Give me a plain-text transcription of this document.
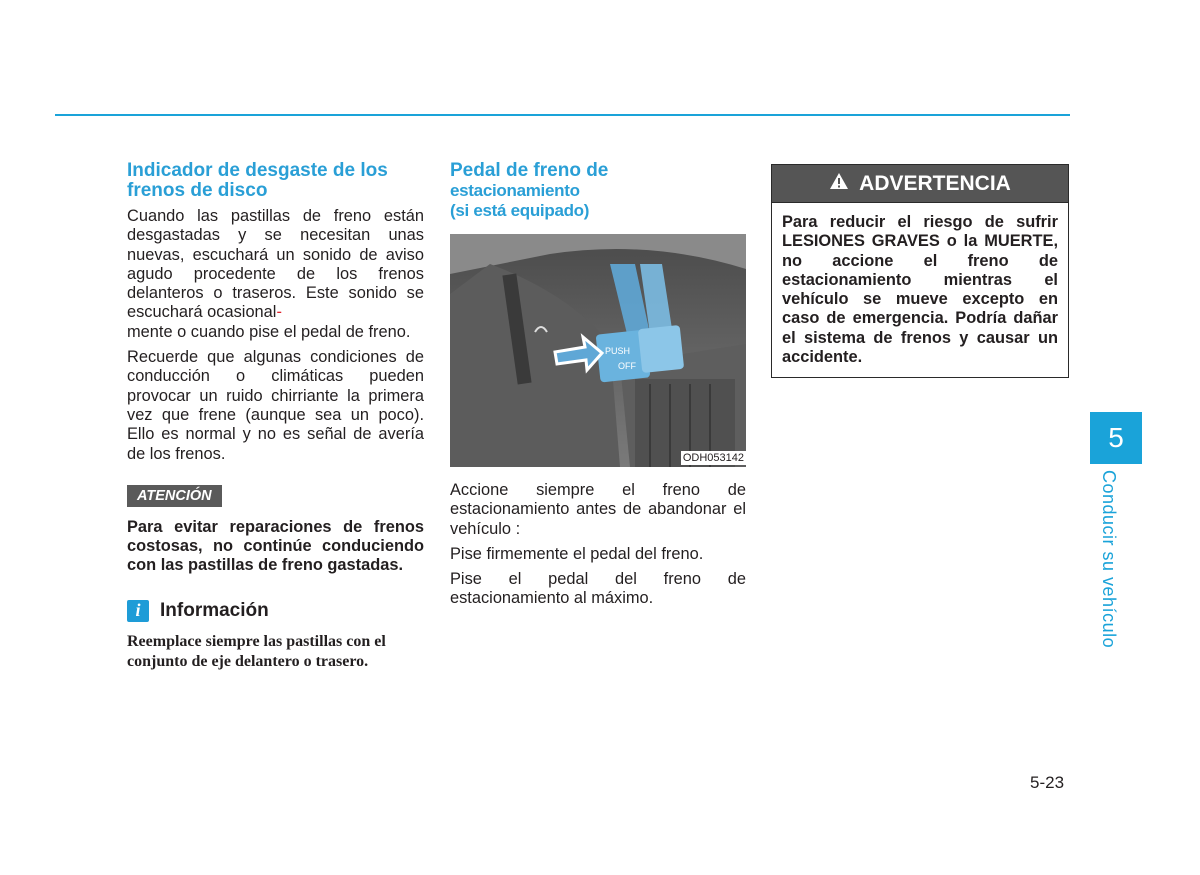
Indicador de desgaste de los frenos de disco

Cuando las pastillas de freno están desgastadas y se necesitan unas nuevas, escuchará un sonido de aviso agudo procedente de los frenos delanteros o traseros. Este sonido se escuchará ocasional-
mente o cuando pise el pedal de freno.

Recuerde que algunas condiciones de conducción o climáticas pueden provocar un ruido chirriante la primera vez que frene (aunque sea un poco). Ello es normal y no es señal de avería de los frenos.

ATENCIÓN

Para evitar reparaciones de frenos costosas, no continúe conduciendo con las pastillas de freno gastadas.

i	Información
Reemplace siempre las pastillas con el conjunto de eje delantero o trasero.
Pedal de freno de
estacionamiento
(si está equipado)
PUSH
OFF
ODH053142

Accione siempre el freno de estacionamiento antes de abandonar el vehículo :

Pise firmemente el pedal del freno.

Pise el pedal del freno de estacionamiento al máximo.

ADVERTENCIA
Para reducir el riesgo de sufrir LESIONES GRAVES o la MUERTE, no accione el freno de estacionamiento mientras el vehículo se mueve excepto en caso de emergencia. Podría dañar el sistema de frenos y causar un accidente.
5
Conducir su vehículo
5-23
